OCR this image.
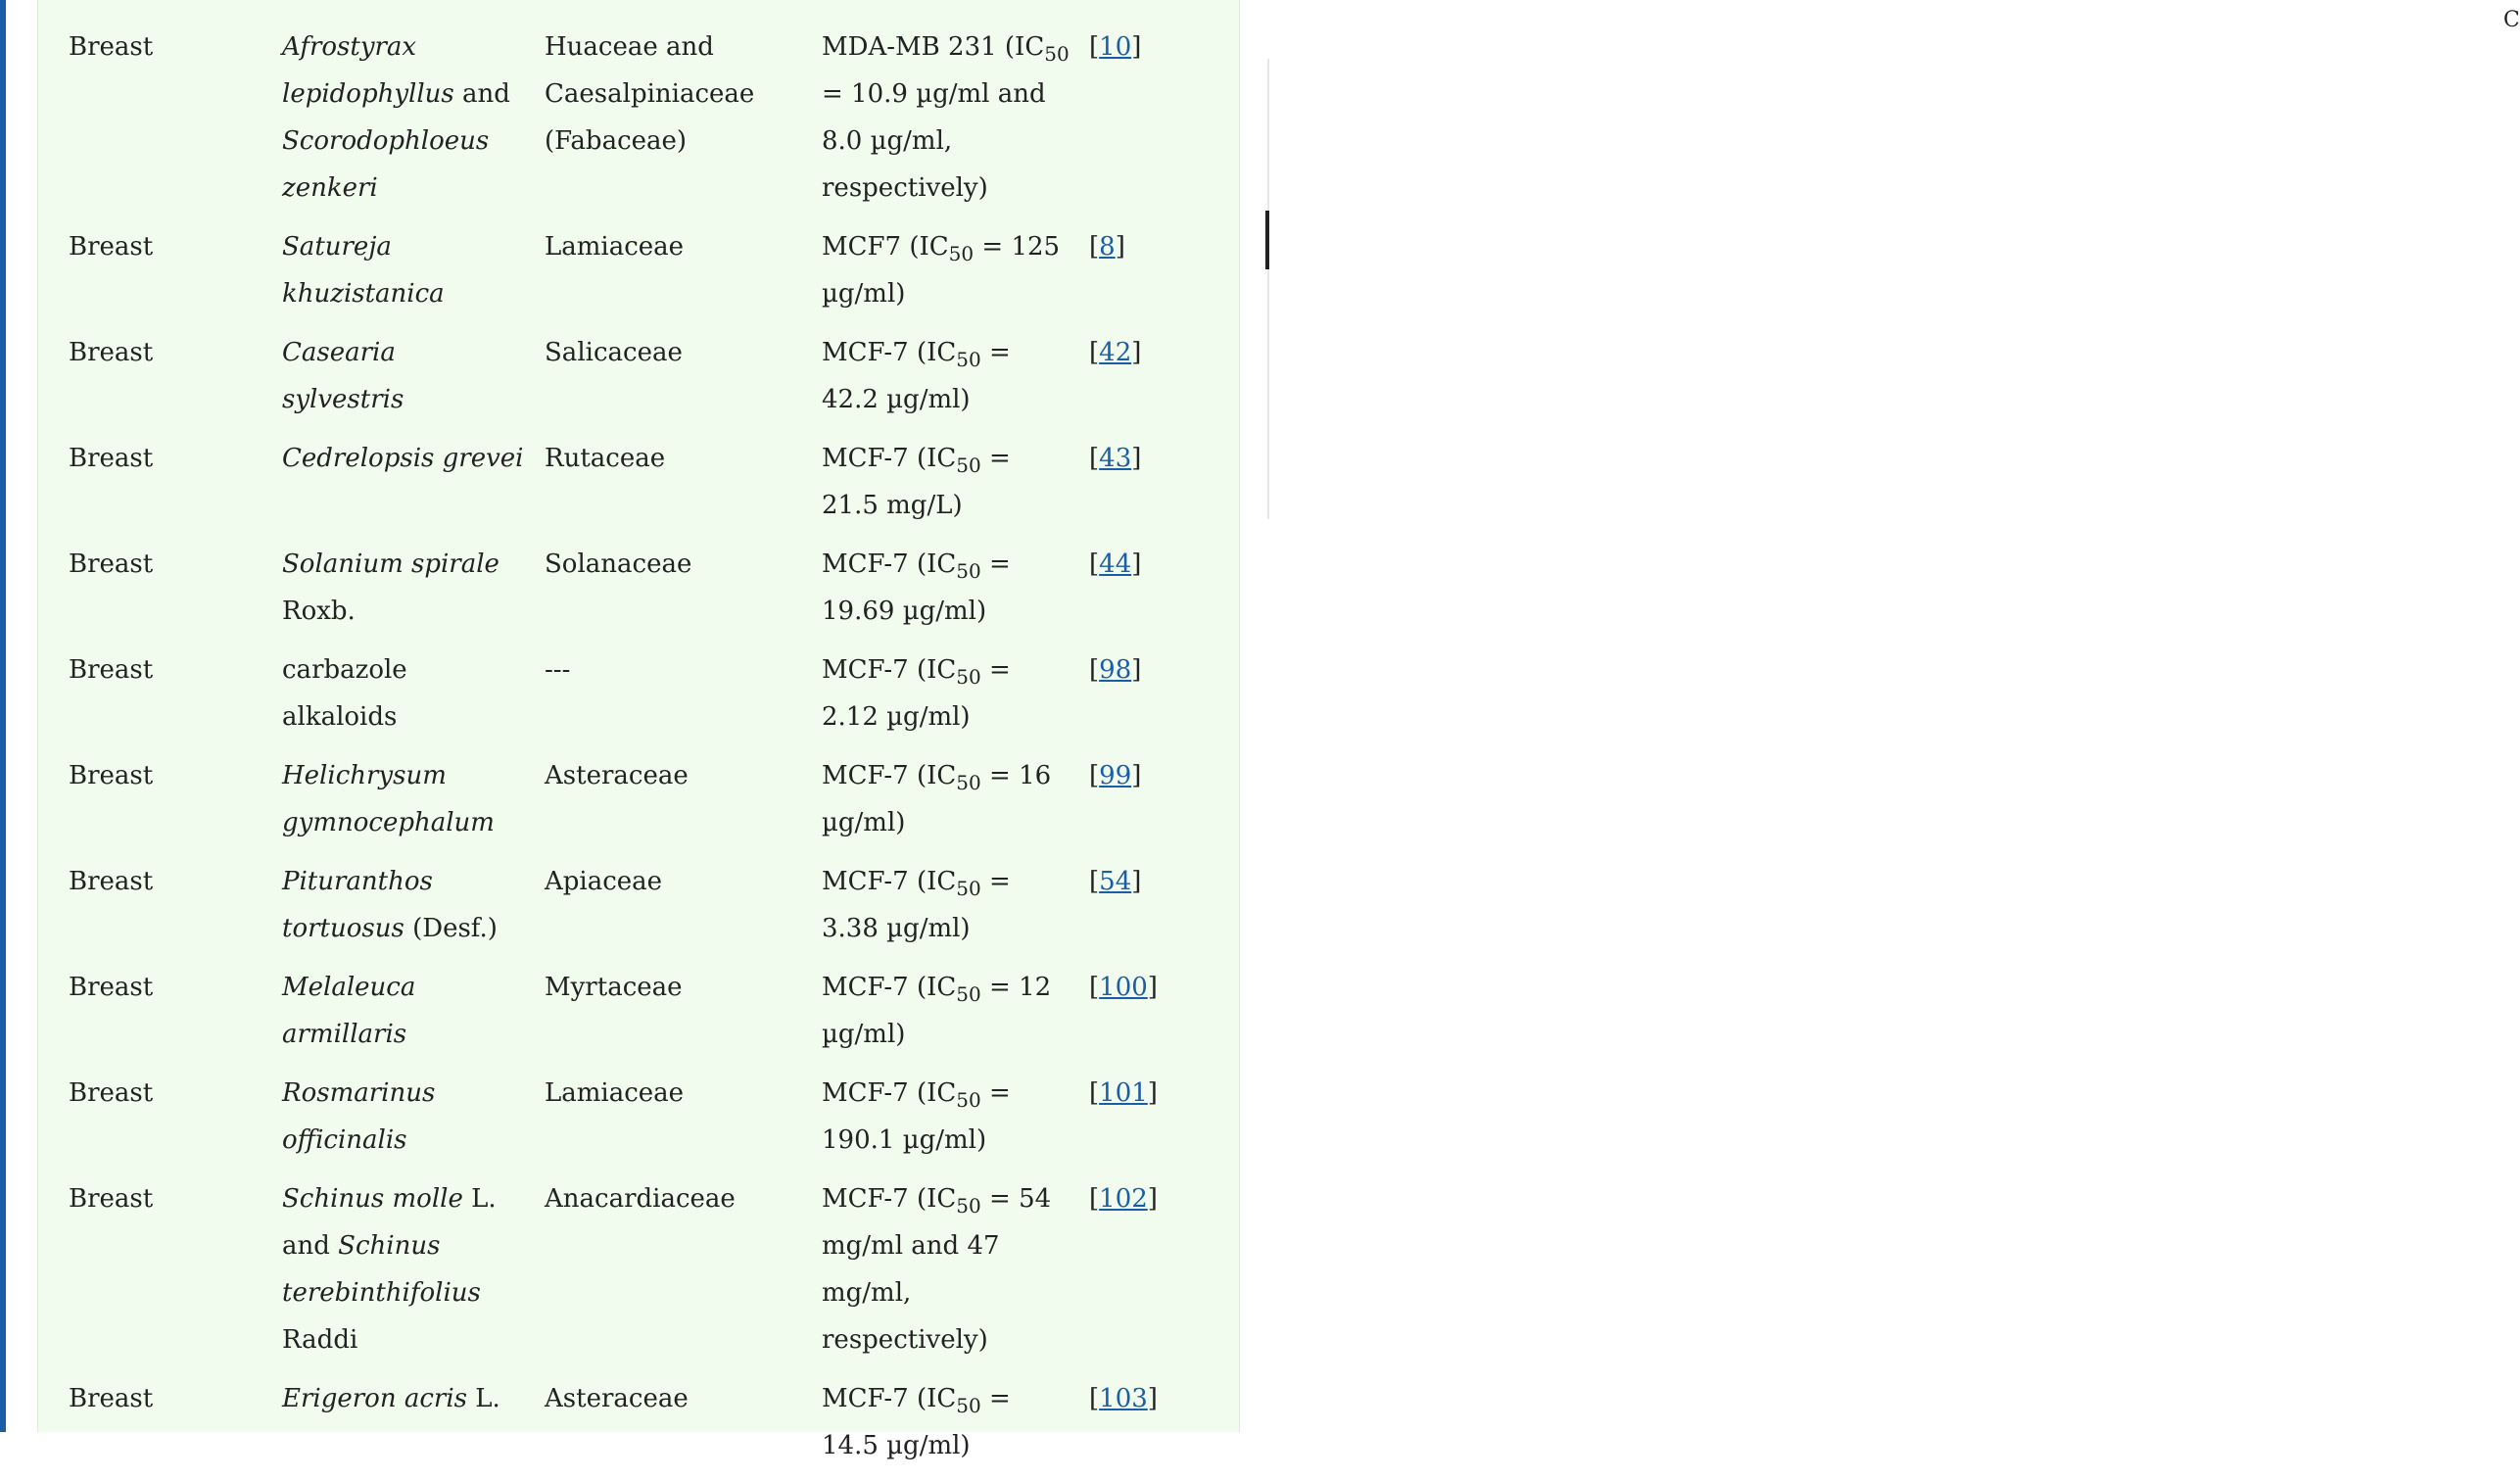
C
Breast	Afrostyrax lepidophyllus and Scorodophloeus zenkeri	Huaceae and Caesalpiniaceae (Fabaceae)	MDA-MB 231 ($IC_{50} = 10.9$ µg/ml and 8.0 µg/ml, respectively)	[10]
Breast	Satureja khuzistanica	Lamiaceae	MCF7 ($IC_{50} = 125$ µg/ml)	[8]
Breast	Casearia sylvestris	Salicaceae	MCF-7 ($IC_{50} = 42.2$ µg/ml)	[42]
Breast	Cedrelopsis grevei	Rutaceae	MCF-7 ($IC_{50} = 21.5$ mg/L)	[43]
Breast	Solanium spirale Roxb.	Solanaceae	MCF-7 ($IC_{50} = 19.69$ µg/ml)	[44]
Breast	carbazole alkaloids	---	MCF-7 ($IC_{50} = 2.12$ µg/ml)	[98]
Breast	Helichrysum gymnocephalum	Asteraceae	MCF-7 ($IC_{50} = 16$ µg/ml)	[99]
Breast	Pituranthos tortuosus (Desf.)	Apiaceae	MCF-7 ($IC_{50} = 3.38$ µg/ml)	[54]
Breast	Melaleuca armillaris	Myrtaceae	MCF-7 ($IC_{50} = 12$ µg/ml)	[100]
Breast	Rosmarinus officinalis	Lamiaceae	MCF-7 ($IC_{50} = 190.1$ µg/ml)	[101]
Breast	Schinus molle L. and Schinus terebinthifolius Raddi	Anacardiaceae	MCF-7 ($IC_{50} = 54$ mg/ml and 47 mg/ml, respectively)	[102]
Breast	Erigeron acris L.	Asteraceae	MCF-7 ($IC_{50} = 14.5$ µg/ml)	[103]
